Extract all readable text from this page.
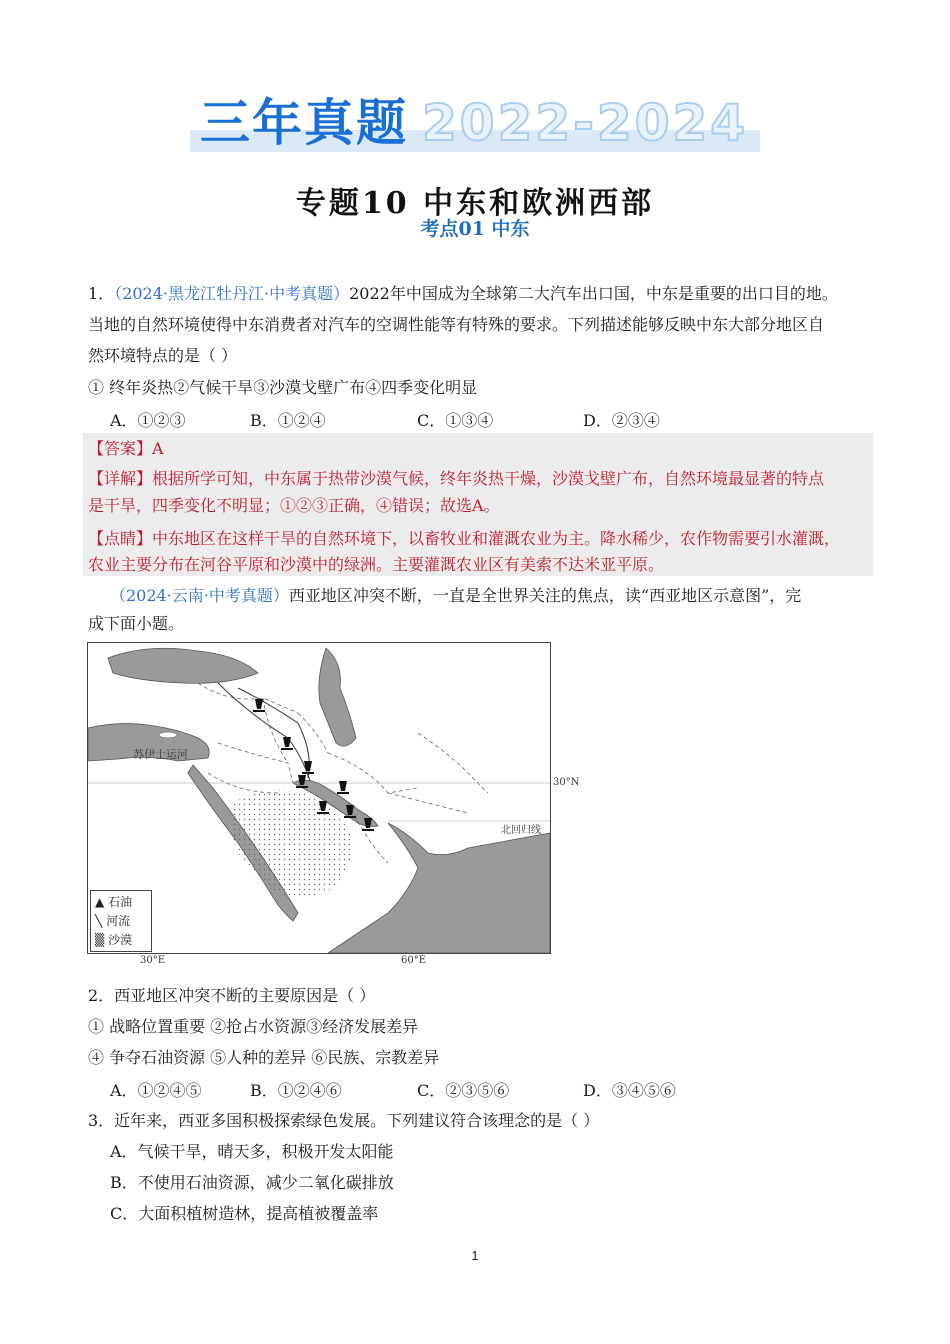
三年真题 2022-2024
专题10 中东和欧洲西部
考点01 中东
1．（2024·黑龙江牡丹江·中考真题）2022年中国成为全球第二大汽车出口国，中东是重要的出口目的地。
当地的自然环境使得中东消费者对汽车的空调性能等有特殊的要求。下列描述能够反映中东大部分地区自
然环境特点的是（ ）
① 终年炎热②气候干旱③沙漠戈壁广布④四季变化明显
A．①②③	B．①②④	C．①③④	D．②③④
【答案】A
【详解】根据所学可知，中东属于热带沙漠气候，终年炎热干燥，沙漠戈壁广布，自然环境最显著的特点
是干旱，四季变化不明显；①②③正确，④错误；故选A。
【点睛】中东地区在这样干旱的自然环境下，以畜牧业和灌溉农业为主。降水稀少，农作物需要引水灌溉，
农业主要分布在河谷平原和沙漠中的绿洲。主要灌溉农业区有美索不达米亚平原。
（2024·云南·中考真题）西亚地区冲突不断，一直是全世界关注的焦点，读“西亚地区示意图”，完
成下面小题。
苏伊士运河
北回归线
▲ 石油
╲ 河流
▒ 沙漠
30°N
30°E	60°E
2．西亚地区冲突不断的主要原因是（ ）
① 战略位置重要 ②抢占水资源③经济发展差异
④ 争夺石油资源 ⑤人种的差异 ⑥民族、宗教差异
A．①②④⑤	B．①②④⑥	C．②③⑤⑥	D．③④⑤⑥
3．近年来，西亚多国积极探索绿色发展。下列建议符合该理念的是（ ）
A．气候干旱，晴天多，积极开发太阳能
B．不使用石油资源，减少二氧化碳排放
C．大面积植树造林，提高植被覆盖率
1
